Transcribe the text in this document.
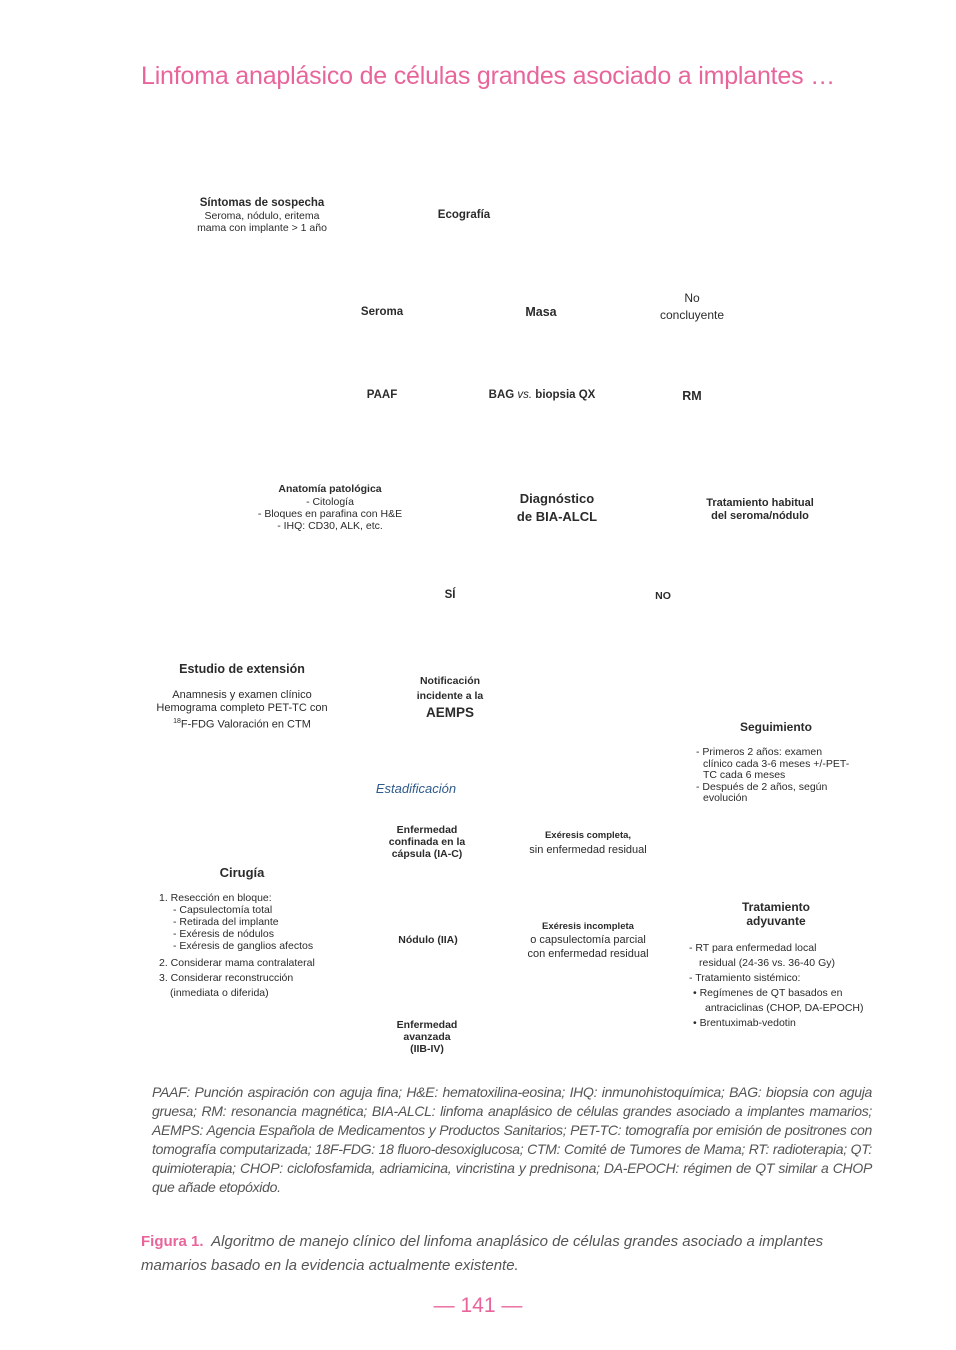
Linfoma anaplásico de células grandes asociado a implantes …
Síntomas de sospecha
Seroma, nódulo, eritema
mama con implante > 1 año
Ecografía
Seroma	Masa
No
concluyente
PAAF	BAG vs. biopsia QX	RM
Anatomía patológica
- Citología
- Bloques en parafina con H&E
- IHQ: CD30, ALK, etc.
Diagnóstico
de BIA-ALCL
Tratamiento habitual
del seroma/nódulo
SÍ	NO
Estudio de extensión
Anamnesis y examen clínico
Hemograma completo PET-TC con
$^{18}$F-FDG Valoración en CTM
Notificación
incidente a la
AEMPS
Seguimiento
- Primeros 2 años: examen
clínico cada 3-6 meses +/-PET-
TC cada 6 meses
- Después de 2 años, según
evolución
Estadificación
Enfermedad
confinada en la
cápsula (IA-C)
Exéresis completa,
sin enfermedad residual
Cirugía
1. Resección en bloque:
- Capsulectomía total
- Retirada del implante
- Exéresis de nódulos
- Exéresis de ganglios afectos
2. Considerar mama contralateral
3. Considerar reconstrucción
(inmediata o diferida)
Nódulo (IIA)
Exéresis incompleta
o capsulectomía parcial
con enfermedad residual
Tratamiento
adyuvante
- RT para enfermedad local
residual (24-36 vs. 36-40 Gy)
- Tratamiento sistémico:
• Regímenes de QT basados en
antraciclinas (CHOP, DA-EPOCH)
• Brentuximab-vedotin
Enfermedad
avanzada
(IIB-IV)
PAAF: Punción aspiración con aguja fina; H&E: hematoxilina-eosina; IHQ: inmunohistoquímica; BAG: biopsia con aguja gruesa; RM: resonancia magnética; BIA-ALCL: linfoma anaplásico de células grandes asociado a implantes mamarios; AEMPS: Agencia Española de Medicamentos y Productos Sanitarios; PET-TC: tomografía por emisión de positrones con tomografía computarizada; 18F-FDG: 18 fluoro-desoxiglucosa; CTM: Comité de Tumores de Mama; RT: radioterapia; QT: quimioterapia; CHOP: ciclofosfamida, adriamicina, vincristina y prednisona; DA-EPOCH: régimen de QT similar a CHOP que añade etopóxido.
Figura 1. Algoritmo de manejo clínico del linfoma anaplásico de células grandes asociado a implantes mamarios basado en la evidencia actualmente existente.
— 141 —
